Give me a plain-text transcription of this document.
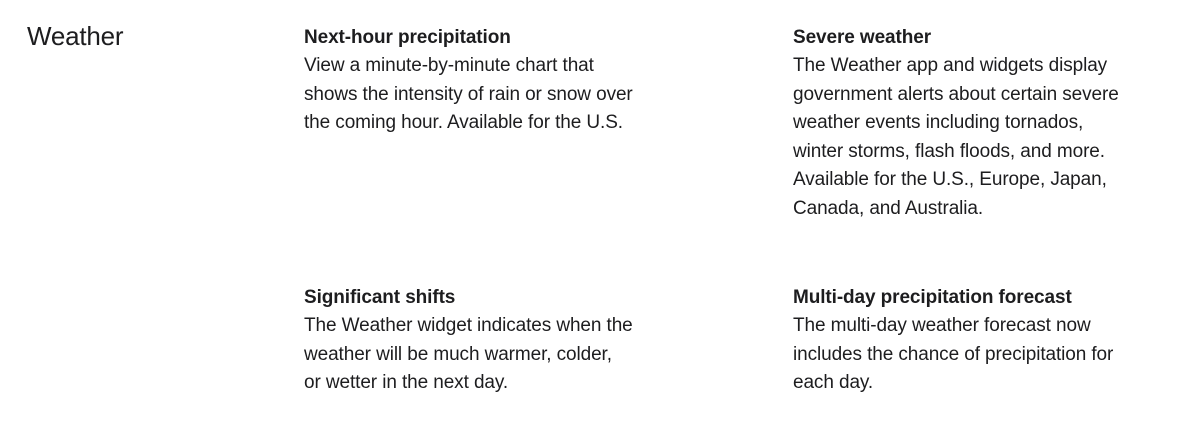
Weather	Next-hour precipitation

View a minute-by-minute chart that
shows the intensity of rain or snow over
the coming hour. Available for the U.S.

Severe weather

The Weather app and widgets display
government alerts about certain severe
weather events including tornados,
winter storms, flash floods, and more.
Available for the U.S., Europe, Japan,
Canada, and Australia.

Significant shifts

The Weather widget indicates when the
weather will be much warmer, colder,
or wetter in the next day.

Multi-day precipitation forecast

The multi-day weather forecast now
includes the chance of precipitation for
each day.
